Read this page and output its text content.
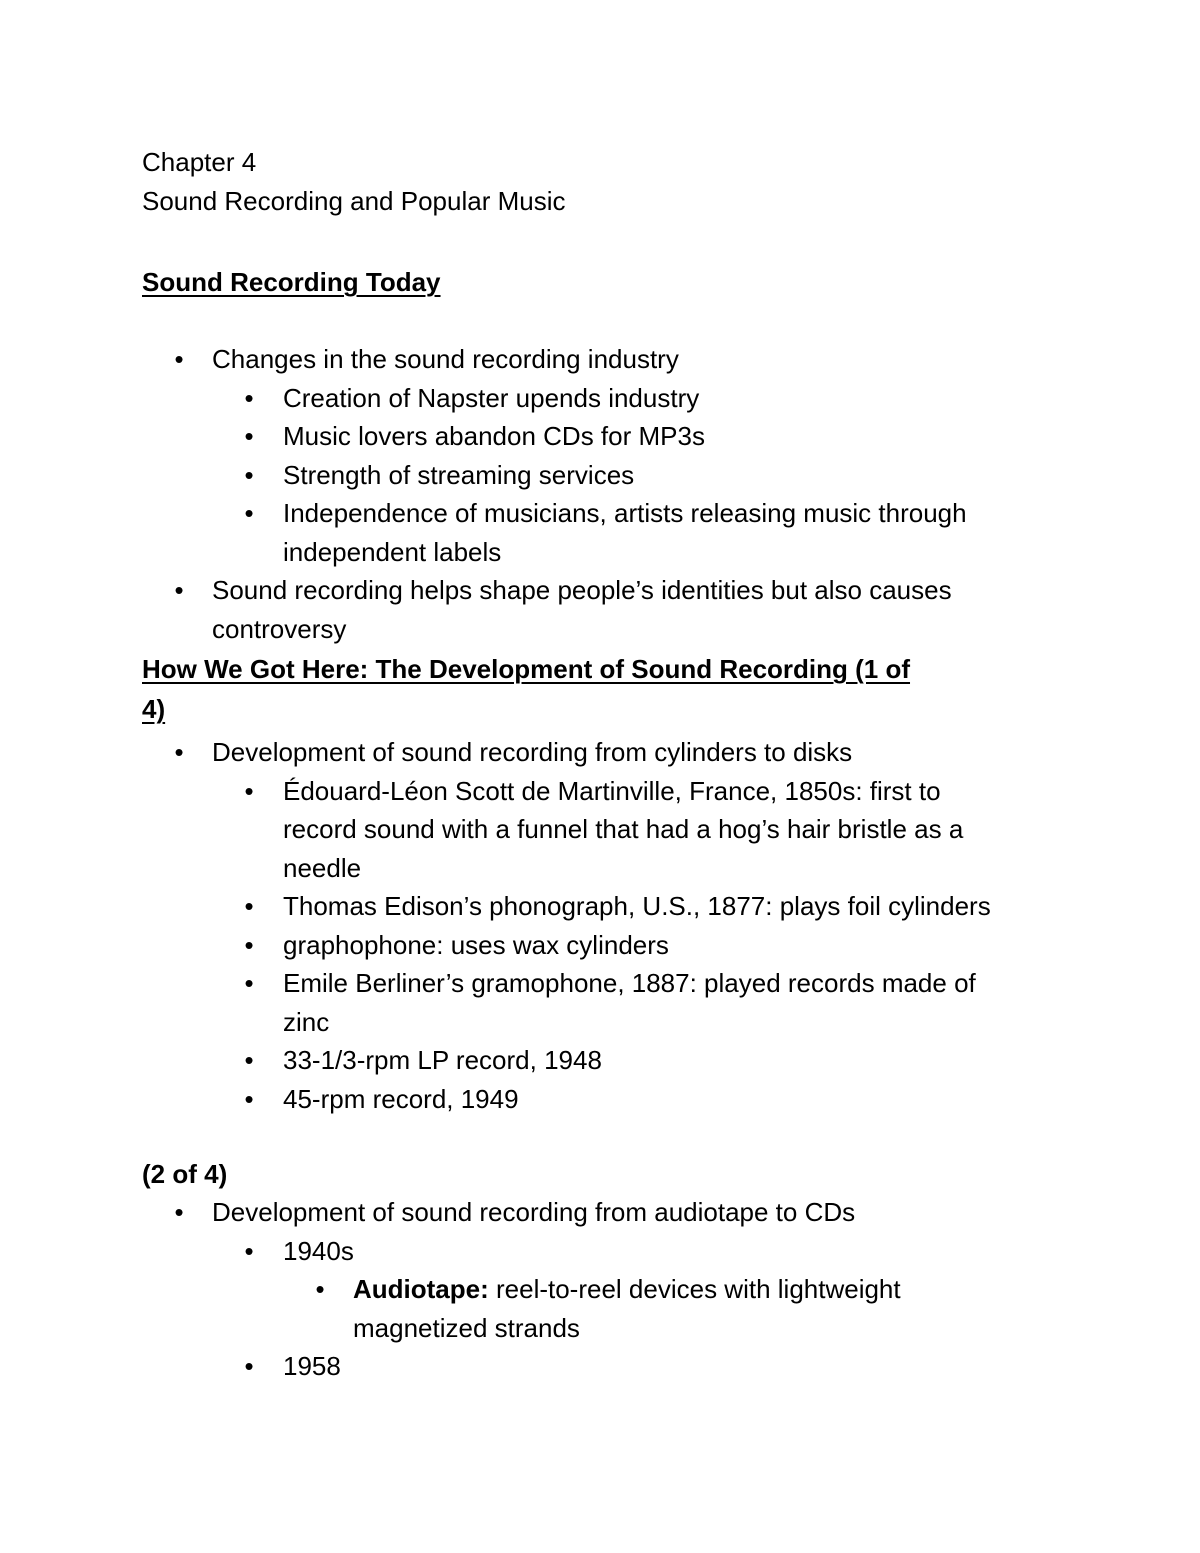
Chapter 4
Sound Recording and Popular Music
Sound Recording Today
• Changes in the sound recording industry
• Creation of Napster upends industry
• Music lovers abandon CDs for MP3s
• Strength of streaming services
• Independence of musicians, artists releasing music through
independent labels
• Sound recording helps shape people’s identities but also causes
controversy
How We Got Here: The Development of Sound Recording (1 of
4)
• Development of sound recording from cylinders to disks
• Édouard-Léon Scott de Martinville, France, 1850s: first to
record sound with a funnel that had a hog’s hair bristle as a
needle
• Thomas Edison’s phonograph, U.S., 1877: plays foil cylinders
• graphophone: uses wax cylinders
• Emile Berliner’s gramophone, 1887: played records made of
zinc
• 33-1/3-rpm LP record, 1948
• 45-rpm record, 1949
(2 of 4)
• Development of sound recording from audiotape to CDs
• 1940s
• Audiotape: reel-to-reel devices with lightweight
magnetized strands
• 1958
